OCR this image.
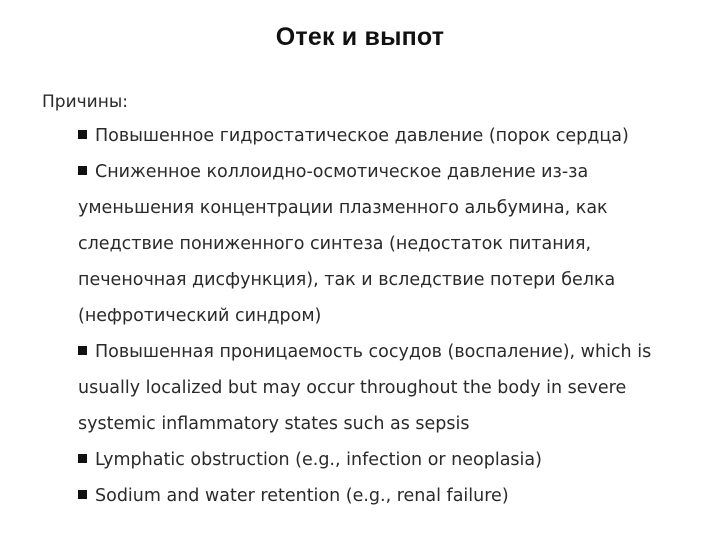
Отек и выпот
Причины:
Повышенное гидростатическое давление (порок сердца)
Сниженное коллоидно-осмотическое давление из-за
уменьшения концентрации плазменного альбумина, как
следствие пониженного синтеза (недостаток питания,
печеночная дисфункция), так и вследствие потери белка
(нефротический синдром)
Повышенная проницаемость сосудов (воспаление), which is
usually localized but may occur throughout the body in severe
systemic inflammatory states such as sepsis
Lymphatic obstruction (e.g., infection or neoplasia)
Sodium and water retention (e.g., renal failure)
